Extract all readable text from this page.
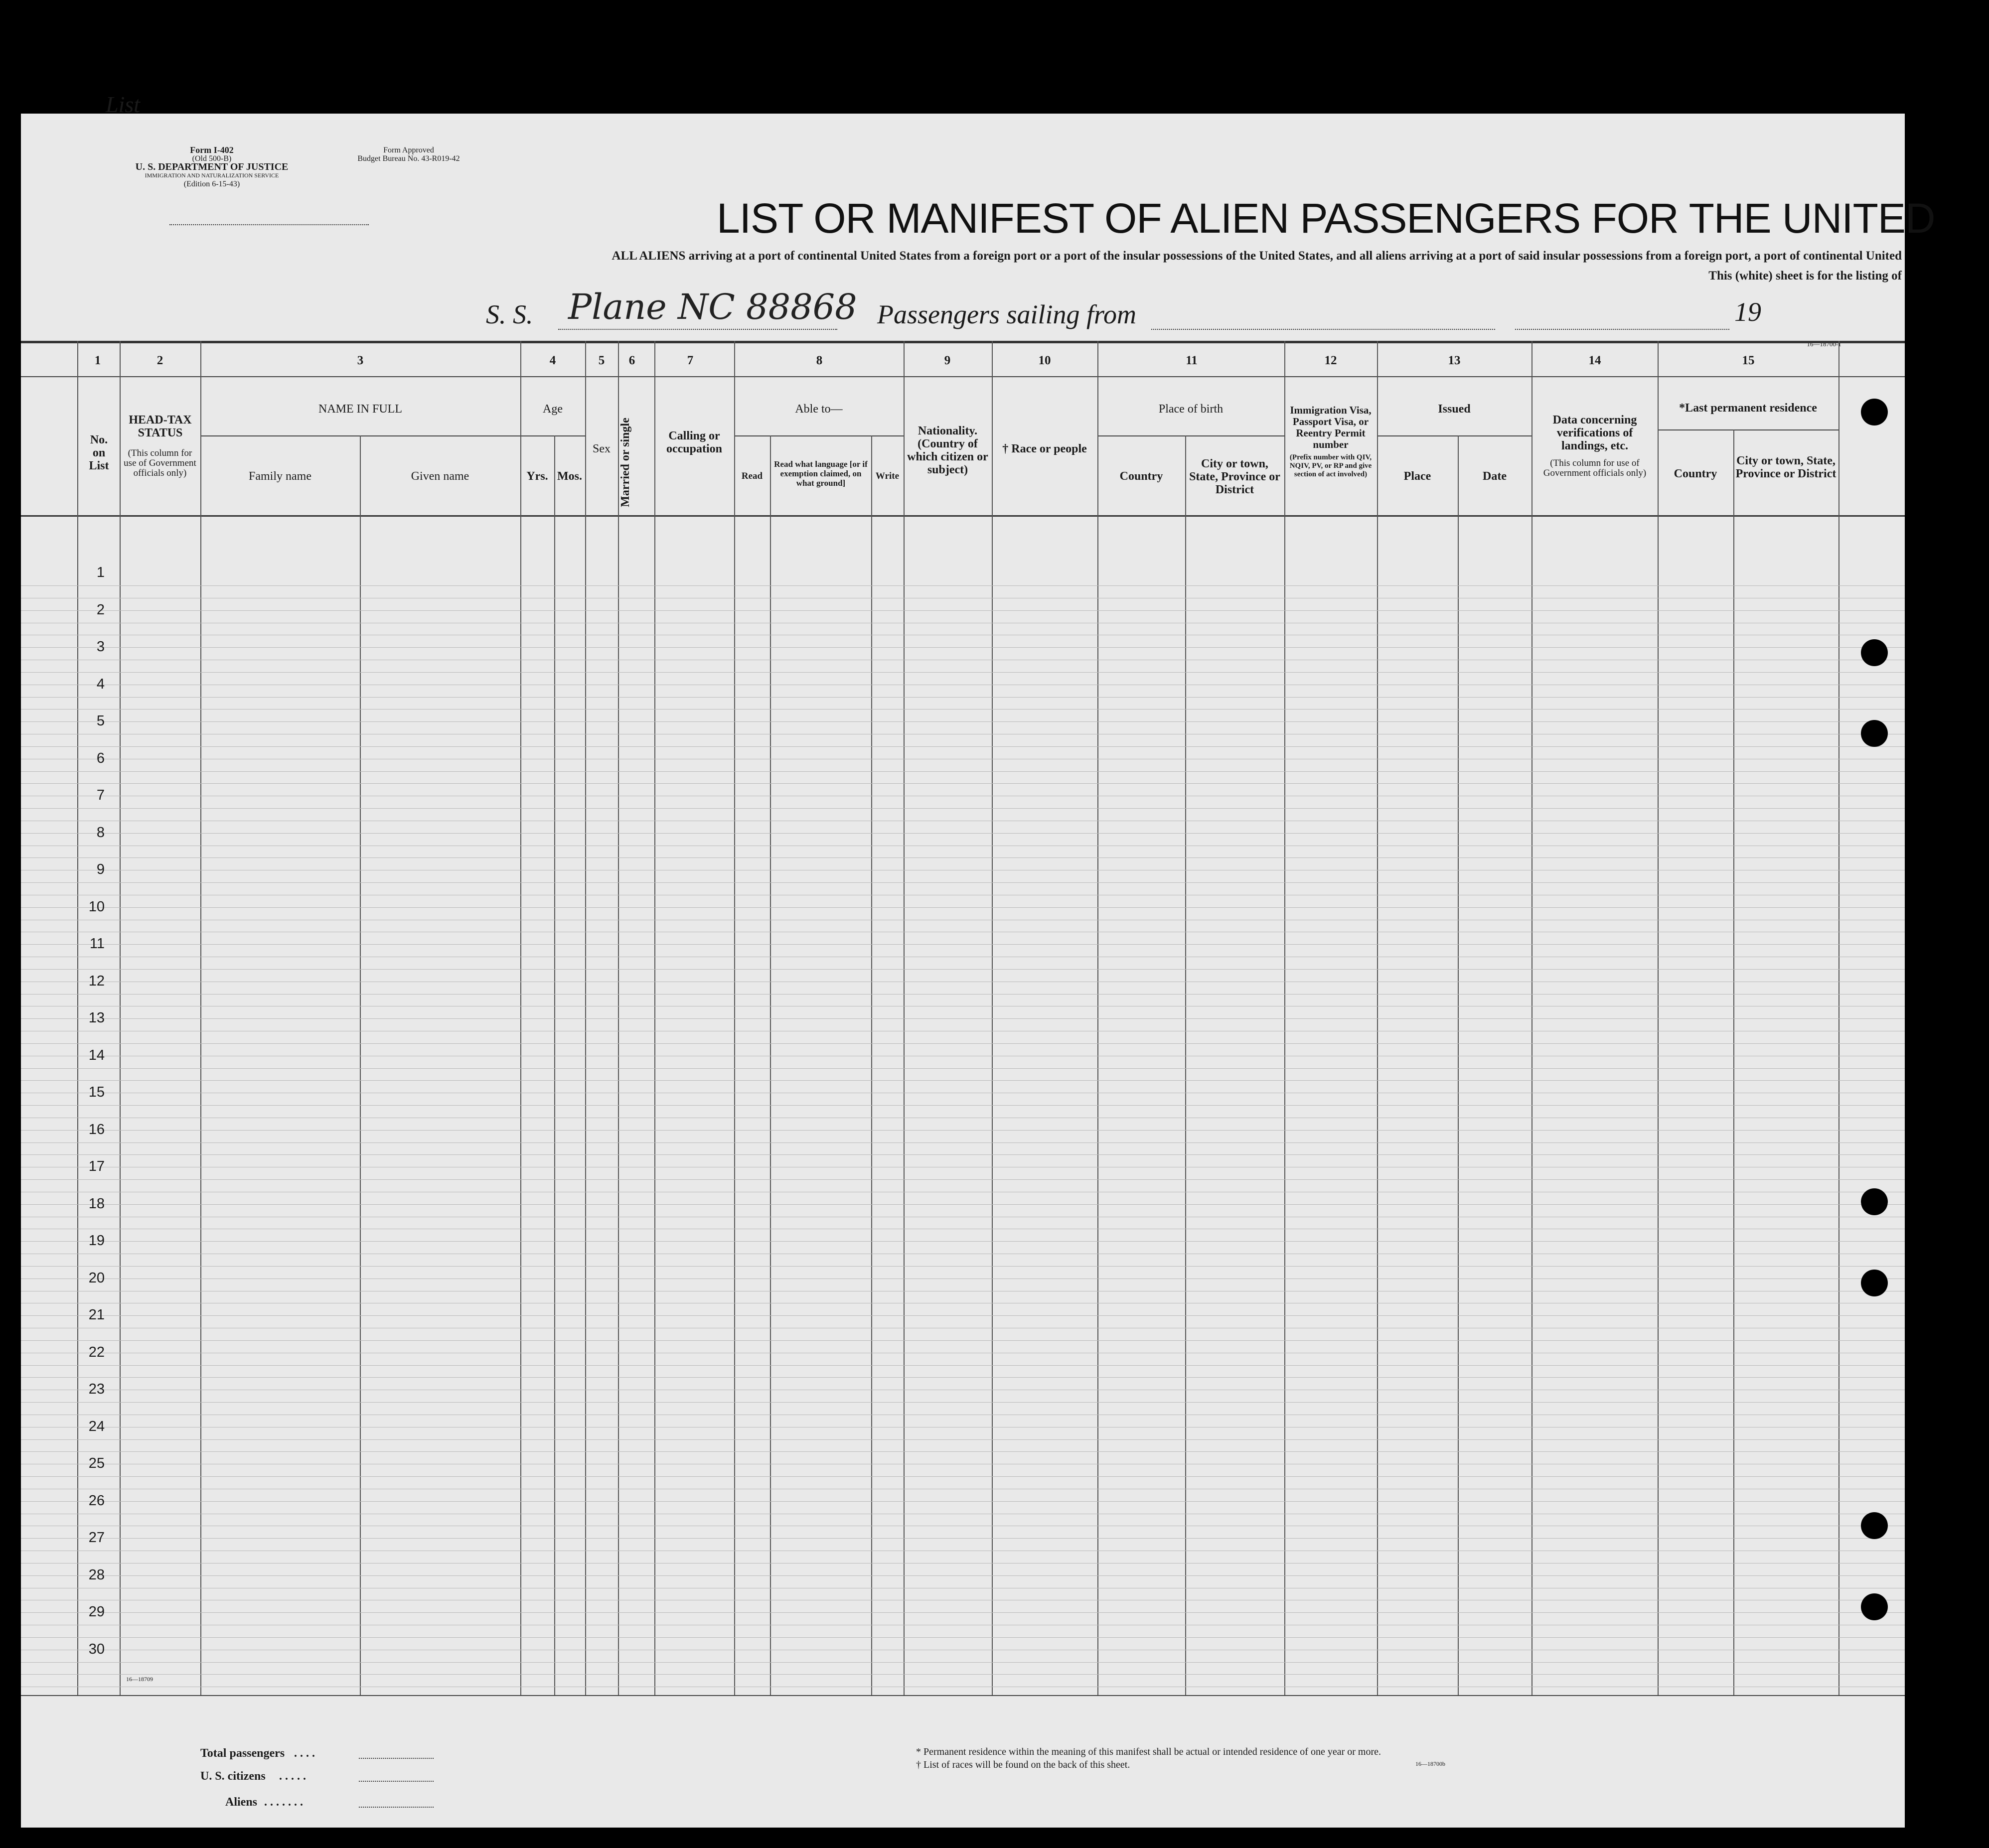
Form I-402
(Old 500-B)
U. S. DEPARTMENT OF JUSTICE
IMMIGRATION AND NATURALIZATION SERVICE
(Edition 6-15-43)
Form Approved
Budget Bureau No. 43-R019-42
List
LIST OR MANIFEST OF ALIEN PASSENGERS FOR THE UNITED
ALL ALIENS arriving at a port of continental United States from a foreign port or a port of the insular possessions of the United States, and all aliens arriving at a port of said insular possessions from a foreign port, a port of continental United
This (white) sheet is for the listing of
S. S. Plane NC 88868 Passengers sailing from	19
16—18700-1
1	2	3	4	5	6	7	8	9	10	11	12	13	14	15
No. on List
HEAD-TAX STATUS
(This column for use of Government officials only)
NAME IN FULL
Family name	Given name
Age
Yrs. Mos.
Sex Married or single	Calling or occupation
Able to—
Read
Read what language [or if exemption claimed, on what ground]
Write
Nationality. (Country of which citizen or subject)
† Race or people
Place of birth
Country
City or town, State, Province or District
Immigration Visa, Passport Visa, or Reentry Permit number
(Prefix number with QIV, NQIV, PV, or RP and give section of act involved)
Issued
Place	Date
Data concerning verifications of landings, etc.
(This column for use of Government officials only)
*Last permanent residence
Country
City or town, State, Province or District
1
2
3
4
5
6
7
8
9
10
11
12
13
14
15
16
17
18
19
20
21
22
23
24
25
26
27
28
29
30
16—18709
Total passengers . . . .
U. S. citizens . . . . .
Aliens . . . . . . .
* Permanent residence within the meaning of this manifest shall be actual or intended residence of one year or more.
† List of races will be found on the back of this sheet.	16—18700b
